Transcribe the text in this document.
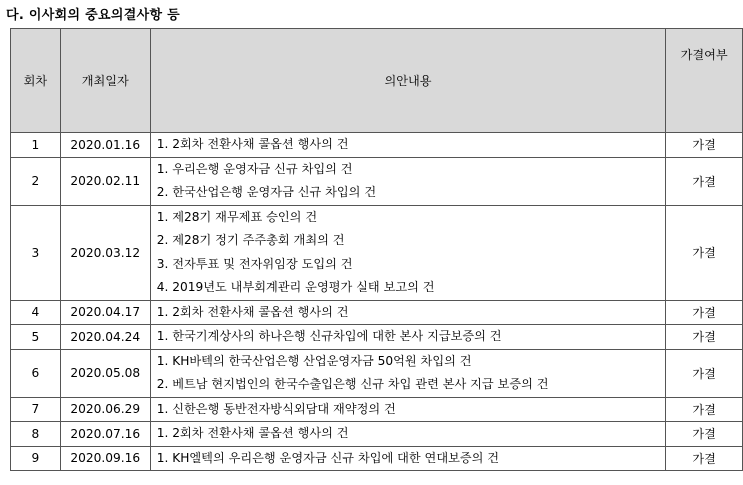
다. 이사회의 중요의결사항 등
회차	개최일자	의안내용	가결여부

1	2020.01.16	1. 2회차 전환사채 콜옵션 행사의 건	가결
2	2020.02.11	1. 우리은행 운영자금 신규 차입의 건
2. 한국산업은행 운영자금 신규 차입의 건	가결
3	2020.03.12	1. 제28기 재무제표 승인의 건
2. 제28기 정기 주주총회 개최의 건
3. 전자투표 및 전자위임장 도입의 건
4. 2019년도 내부회계관리 운영평가 실태 보고의 건	가결
4	2020.04.17	1. 2회차 전환사채 콜옵션 행사의 건	가결
5	2020.04.24	1. 한국기계상사의 하나은행 신규차입에 대한 본사 지급보증의 건	가결
6	2020.05.08	1. KH바텍의 한국산업은행 산업운영자금 50억원 차입의 건
2. 베트남 현지법인의 한국수출입은행 신규 차입 관련 본사 지급 보증의 건	가결
7	2020.06.29	1. 신한은행 동반전자방식외담대 재약정의 건	가결
8	2020.07.16	1. 2회차 전환사채 콜옵션 행사의 건	가결
9	2020.09.16	1. KH엘텍의 우리은행 운영자금 신규 차입에 대한 연대보증의 건	가결
